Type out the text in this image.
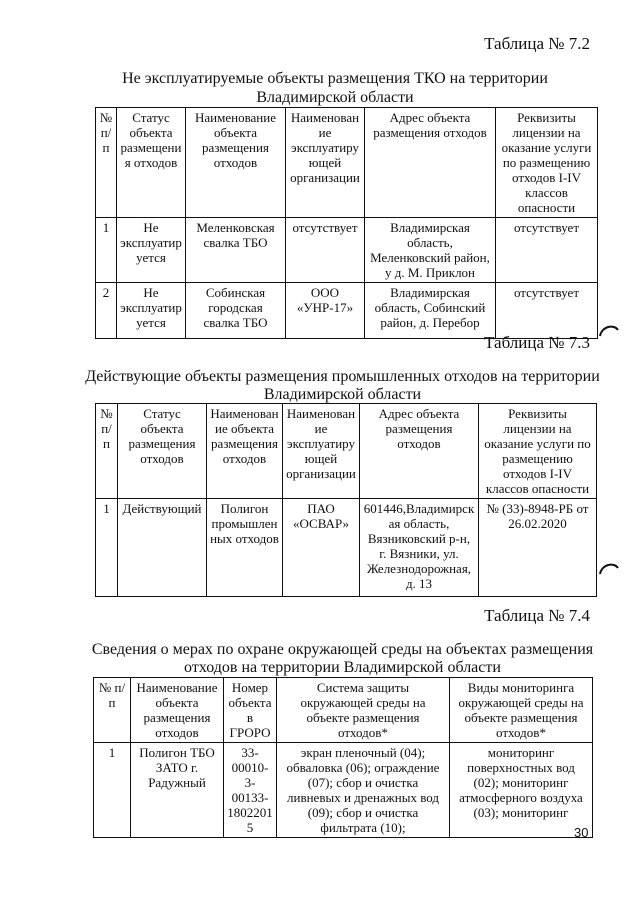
Таблица № 7.2
Не эксплуатируемые объекты размещения ТКО на территории
Владимирской области
№ п/п	Статус объекта размещения отходов	Наименование объекта размещения отходов	Наименование эксплуатирующей организации	Адрес объекта размещения отходов	Реквизиты лицензии на оказание услуги по размещению отходов I-IV классов опасности
1	Не эксплуатируется	Меленковская свалка ТБО	отсутствует	Владимирская область, Меленковский район, у д. М. Приклон	отсутствует
2	Не эксплуатируется	Собинская городская свалка ТБО	ООО «УНР-17»	Владимирская область, Собинский район, д. Перебор	отсутствует
Таблица № 7.3
Действующие объекты размещения промышленных отходов на территории
Владимирской области
№ п/п	Статус объекта размещения отходов	Наименование объекта размещения отходов	Наименование эксплуатирующей организации	Адрес объекта размещения отходов	Реквизиты лицензии на оказание услуги по размещению отходов I-IV классов опасности
1	Действующий	Полигон промышленных отходов	ПАО «ОСВАР»	601446,Владимирская область, Вязниковский р-н, г. Вязники, ул. Железнодорожная, д. 13	№ (33)-8948-РБ от 26.02.2020
Таблица № 7.4
Сведения о мерах по охране окружающей среды на объектах размещения
отходов на территории Владимирской области
№ п/п	Наименование объекта размещения отходов	Номер объекта в ГРОРО	Система защиты окружающей среды на объекте размещения отходов*	Виды мониторинга окружающей среды на объекте размещения отходов*
1	Полигон ТБО ЗАТО г. Радужный	33-00010-3-00133-1802201 5	экран пленочный (04); обваловка (06); ограждение (07); сбор и очистка ливневых и дренажных вод (09); сбор и очистка фильтрата (10);	мониторинг поверхностных вод (02); мониторинг атмосферного воздуха (03); мониторинг
30
